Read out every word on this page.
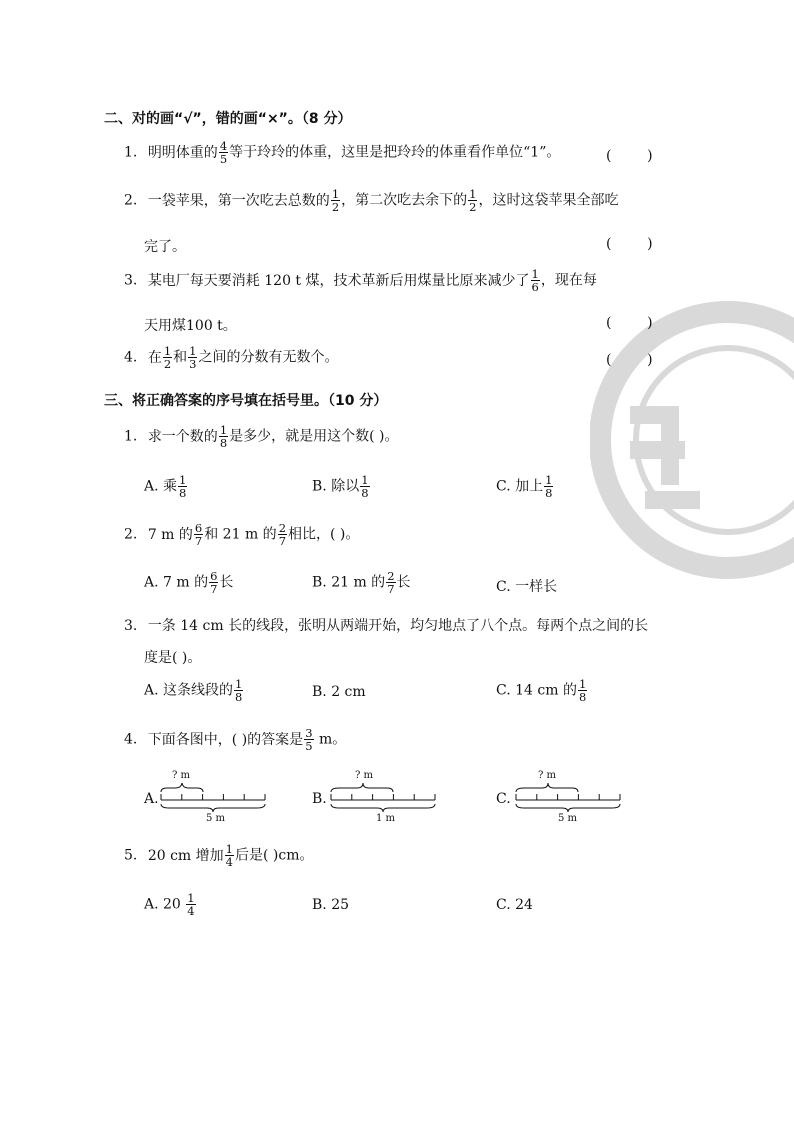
二、对的画“√”，错的画“×”。（8 分）
1. 明明体重的 $\frac{4}{5}$ 等于玲玲的体重，这里是把玲玲的体重看作单位“1”。	(        )
2. 一袋苹果，第一次吃去总数的 $\frac{1}{2}$ ，第二次吃去余下的 $\frac{1}{2}$ ，这时这袋苹果全部吃
完了。	(        )
3. 某电厂每天要消耗 120 t 煤，技术革新后用煤量比原来减少了 $\frac{1}{6}$ ，现在每
天用煤100 t。	(        )
4. 在 $\frac{1}{2}$ 和 $\frac{1}{3}$ 之间的分数有无数个。	(        )
三、将正确答案的序号填在括号里。（10 分）
1. 求一个数的 $\frac{1}{8}$ 是多少，就是用这个数( )。
A. 乘 $\frac{1}{8}$	B. 除以 $\frac{1}{8}$	C. 加上 $\frac{1}{8}$
2. 7 m 的 $\frac{6}{7}$ 和 21 m 的 $\frac{2}{7}$ 相比，( )。
A. 7 m 的 $\frac{6}{7}$ 长	B. 21 m 的 $\frac{2}{7}$ 长	C. 一样长
3. 一条 14 cm 长的线段，张明从两端开始，均匀地点了八个点。每两个点之间的长
度是( )。
A. 这条线段的 $\frac{1}{8}$	B. 2 cm	C. 14 cm 的 $\frac{1}{8}$
4. 下面各图中，( )的答案是 $\frac{3}{5}$ m。
A.
? m
5 m
B.
? m
1 m
C.
? m
5 m
5. 20 cm 增加 $\frac{1}{4}$ 后是( )cm。
A. $20 \frac{1}{4}$	B. 25	C. 24
